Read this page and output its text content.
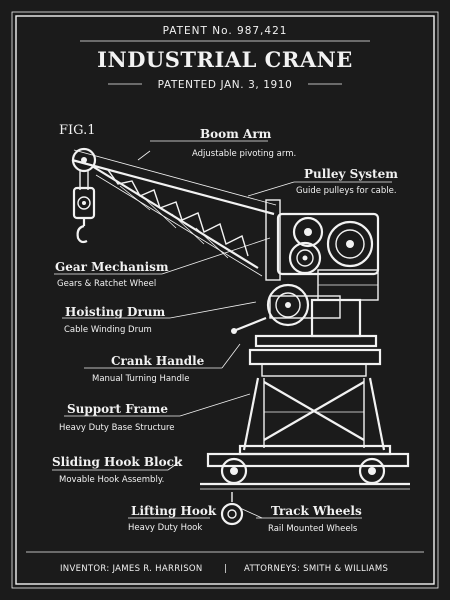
PATENT No. 987,421
INDUSTRIAL CRANE
PATENTED JAN. 3, 1910
FIG.1	Boom Arm
Adjustable pivoting arm.
Pulley System
Guide pulleys for cable.
Gear Mechanism
Gears & Ratchet Wheel
Hoisting Drum
Cable Winding Drum
Crank Handle
Manual Turning Handle
Support Frame
Heavy Duty Base Structure
Sliding Hook Block
Movable Hook Assembly.
Lifting Hook
Heavy Duty Hook
Track Wheels
Rail Mounted Wheels
INVENTOR: JAMES R. HARRISON	| ATTORNEYS: SMITH & WILLIAMS
